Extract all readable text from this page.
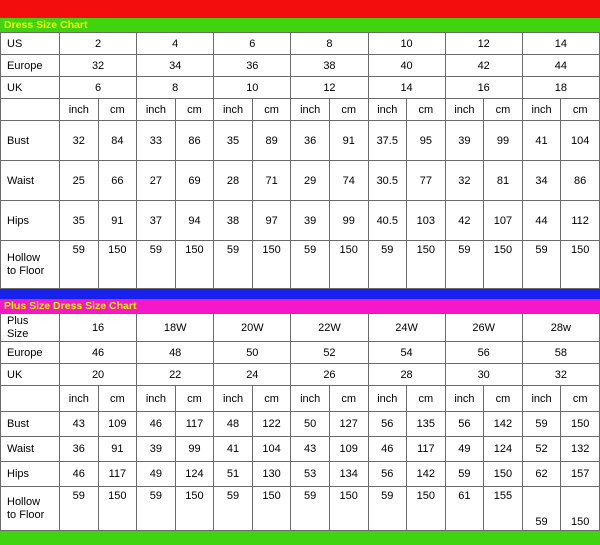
Dress Size Chart
US	2		4		6		8		10		12		14	
Europe	32		34		36		38		40		42		44	
UK	6		8		10		12		14		16		18	
	inch	cm	inch	cm	inch	cm	inch	cm	inch	cm	inch	cm	inch	cm
Bust	32	84	33	86	35	89	36	91	37.5	95	39	99	41	104
Waist	25	66	27	69	28	71	29	74	30.5	77	32	81	34	86
Hips	35	91	37	94	38	97	39	99	40.5	103	42	107	44	112
Hollow
to Floor	59	150	59	150	59	150	59	150	59	150	59	150	59	150
Plus Size Dress Size Chart
Plus
Size	16		18W		20W		22W		24W		26W		28w	
Europe	46		48		50		52		54		56		58	
UK	20		22		24		26		28		30		32	
	inch	cm	inch	cm	inch	cm	inch	cm	inch	cm	inch	cm	inch	cm
Bust	43	109	46	117	48	122	50	127	56	135	56	142	59	150
Waist	36	91	39	99	41	104	43	109	46	117	49	124	52	132
Hips	46	117	49	124	51	130	53	134	56	142	59	150	62	157
Hollow
to Floor	59	150	59	150	59	150	59	150	59	150	61	155	59	150
